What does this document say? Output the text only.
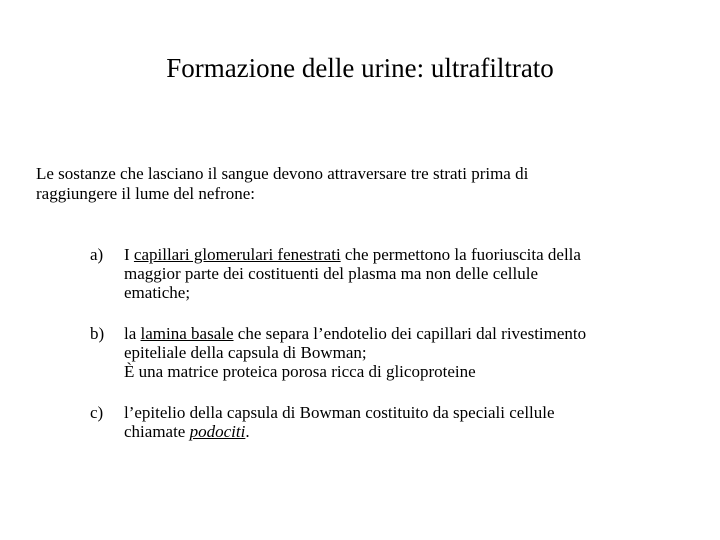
Formazione delle urine: ultrafiltrato
Le sostanze che lasciano il sangue devono attraversare tre strati prima di
raggiungere il lume del nefrone:
a)	I capillari glomerulari fenestrati che permettono la fuoriuscita della
maggior parte dei costituenti del plasma ma non delle cellule
ematiche;
b)	la lamina basale che separa l’endotelio dei capillari dal rivestimento
epiteliale della capsula di Bowman;
È una matrice proteica porosa ricca di glicoproteine
c)	l’epitelio della capsula di Bowman costituito da speciali cellule
chiamate podociti.
